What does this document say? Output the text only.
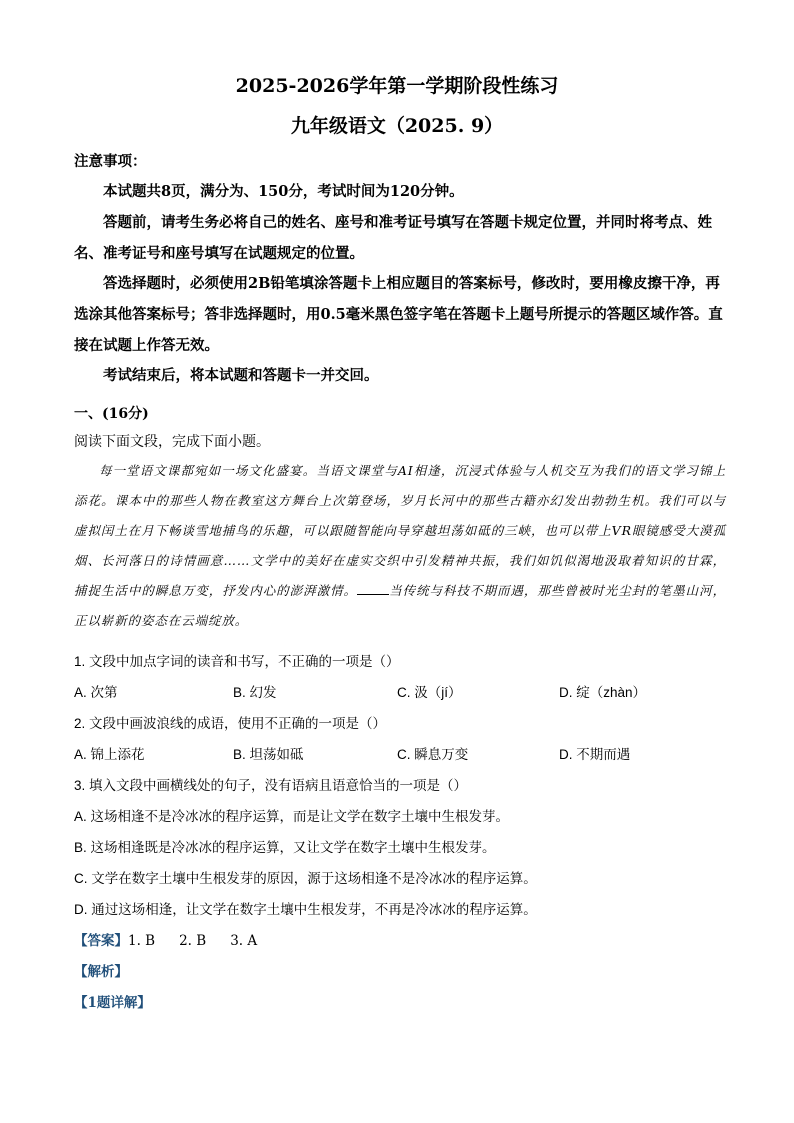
2025-2026学年第一学期阶段性练习
九年级语文（2025. 9）
注意事项：
本试题共8页，满分为、150分，考试时间为120分钟。
答题前，请考生务必将自己的姓名、座号和准考证号填写在答题卡规定位置，并同时将考点、姓名、准考证号和座号填写在试题规定的位置。
答选择题时，必须使用2B铅笔填涂答题卡上相应题目的答案标号，修改时，要用橡皮擦干净，再选涂其他答案标号；答非选择题时，用0.5毫米黑色签字笔在答题卡上题号所提示的答题区域作答。直接在试题上作答无效。
考试结束后，将本试题和答题卡一并交回。
一、(16分)
阅读下面文段，完成下面小题。
每一堂语文课都宛如一场文化盛宴。当语文课堂与AI相逢，沉浸式体验与人机交互为我们的语文学习锦上添花。课本中的那些人物在教室这方舞台上次第登场，岁月长河中的那些古籍亦幻发出勃勃生机。我们可以与虚拟闰土在月下畅谈雪地捕鸟的乐趣，可以跟随智能向导穿越坦荡如砥的三峡，也可以带上VR眼镜感受大漠孤烟、长河落日的诗情画意……文学中的美好在虚实交织中引发精神共振，我们如饥似渴地汲取着知识的甘霖，捕捉生活中的瞬息万变，抒发内心的澎湃激情。	当传统与科技不期而遇，那些曾被时光尘封的笔墨山河，正以崭新的姿态在云端绽放。
1. 文段中加点字词的读音和书写，不正确的一项是（）
A. 次第	B. 幻发	C. 汲（jí）	D. 绽（zhàn）
2. 文段中画波浪线的成语，使用不正确的一项是（）
A. 锦上添花	B. 坦荡如砥	C. 瞬息万变	D. 不期而遇
3. 填入文段中画横线处的句子，没有语病且语意恰当的一项是（）
A. 这场相逢不是冷冰冰的程序运算，而是让文学在数字土壤中生根发芽。
B. 这场相逢既是冷冰冰的程序运算，又让文学在数字土壤中生根发芽。
C. 文学在数字土壤中生根发芽的原因，源于这场相逢不是冷冰冰的程序运算。
D. 通过这场相逢，让文学在数字土壤中生根发芽，不再是冷冰冰的程序运算。
【答案】1. B 2. B 3. A
【解析】
【1题详解】
